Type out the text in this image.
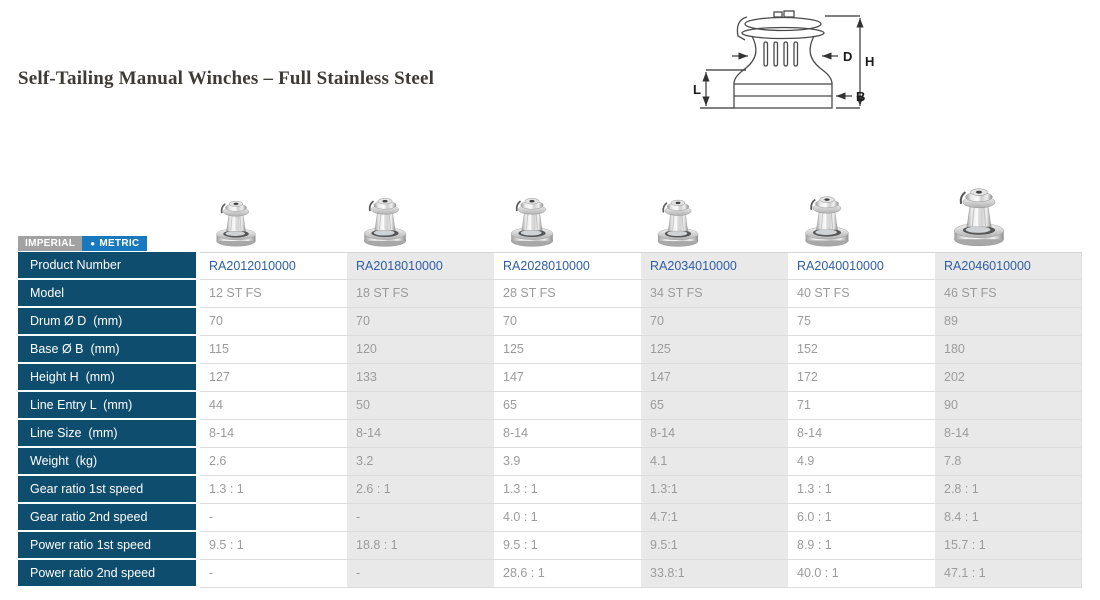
Self-Tailing Manual Winches – Full Stainless Steel
D H
L	B
IMPERIAL	● METRIC
Product Number	RA2012010000	RA2018010000	RA2028010000	RA2034010000	RA2040010000	RA2046010000
Model	12 ST FS	18 ST FS	28 ST FS	34 ST FS	40 ST FS	46 ST FS
Drum Ø D  (mm)	70	70	70	70	75	89
Base Ø B  (mm)	115	120	125	125	152	180
Height H  (mm)	127	133	147	147	172	202
Line Entry L  (mm)	44	50	65	65	71	90
Line Size  (mm)	8-14	8-14	8-14	8-14	8-14	8-14
Weight  (kg)	2.6	3.2	3.9	4.1	4.9	7.8
Gear ratio 1st speed	1.3 : 1	2.6 : 1	1.3 : 1	1.3:1	1.3 : 1	2.8 : 1
Gear ratio 2nd speed	-	-	4.0 : 1	4.7:1	6.0 : 1	8.4 : 1
Power ratio 1st speed	9.5 : 1	18.8 : 1	9.5 : 1	9.5:1	8.9 : 1	15.7 : 1
Power ratio 2nd speed	-	-	28.6 : 1	33.8:1	40.0 : 1	47.1 : 1
